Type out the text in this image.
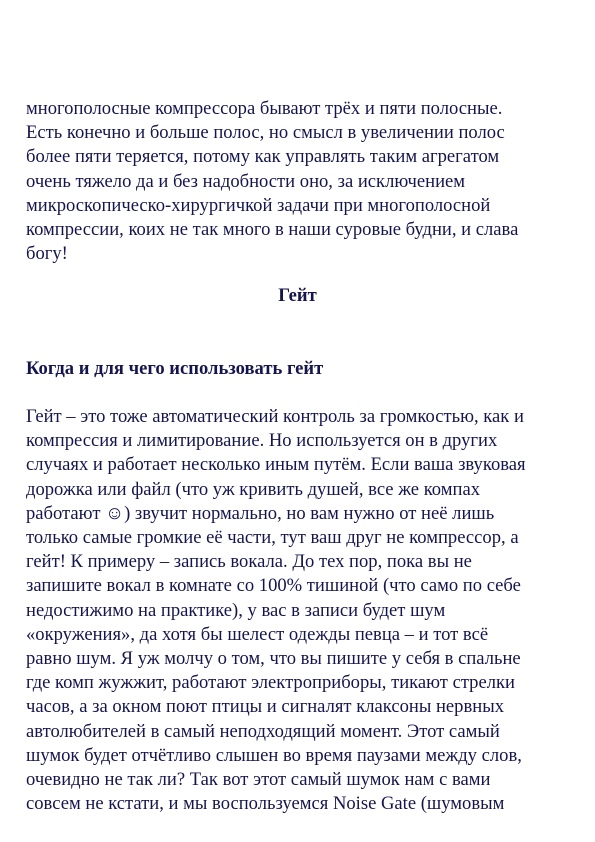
многополосные компрессора бывают трёх и пяти полосные.
Есть конечно и больше полос, но смысл в увеличении полос
более пяти теряется, потому как управлять таким агрегатом
очень тяжело да и без надобности оно, за исключением
микроскопическо-хирургичкой задачи при многополосной
компрессии, коих не так много в наши суровые будни, и слава
богу!
Гейт
Когда и для чего использовать гейт
Гейт – это тоже автоматический контроль за громкостью, как и
компрессия и лимитирование. Но используется он в других
случаях и работает несколько иным путём. Если ваша звуковая
дорожка или файл (что уж кривить душей, все же компах
работают ☺) звучит нормально, но вам нужно от неё лишь
только самые громкие её части, тут ваш друг не компрессор, а
гейт! К примеру – запись вокала. До тех пор, пока вы не
запишите вокал в комнате со 100% тишиной (что само по себе
недостижимо на практике), у вас в записи будет шум
«окружения», да хотя бы шелест одежды певца – и тот всё
равно шум. Я уж молчу о том, что вы пишите у себя в спальне
где комп жужжит, работают электроприборы, тикают стрелки
часов, а за окном поют птицы и сигналят клаксоны нервных
автолюбителей в самый неподходящий момент. Этот самый
шумок будет отчётливо слышен во время паузами между слов,
очевидно не так ли? Так вот этот самый шумок нам с вами
совсем не кстати, и мы воспользуемся Noise Gate (шумовым
